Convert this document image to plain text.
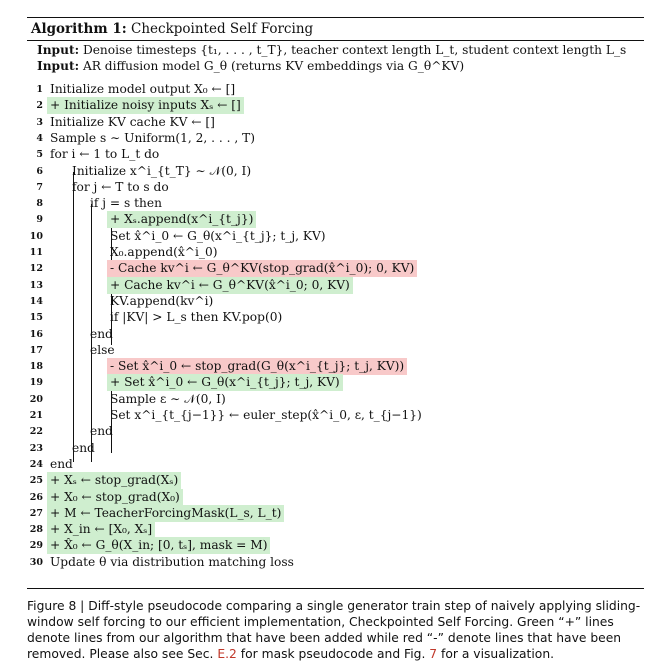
Algorithm 1: Checkpointed Self Forcing
Input: Denoise timesteps {t₁, . . . , t_T}, teacher context length L_t, student context length L_s
Input: AR diffusion model G_θ (returns KV embeddings via G_θ^KV)
1 Initialize model output X₀ ← []
2 + Initialize noisy inputs Xₛ ← []
3 Initialize KV cache KV ← []
4 Sample s ∼ Uniform(1, 2, . . . , T)
5 for i ← 1 to L_t do
6 Initialize x^i_{t_T} ∼ 𝒩(0, I)
7 for j ← T to s do
8	if j = s then
9	+ Xₛ.append(x^i_{t_j})
10	Set x̂^i_0 ← G_θ(x^i_{t_j}; t_j, KV)
11	X₀.append(x̂^i_0)
12	- Cache kv^i ← G_θ^KV(stop_grad(x̂^i_0); 0, KV)
13	+ Cache kv^i ← G_θ^KV(x̂^i_0; 0, KV)
14	KV.append(kv^i)
15	if |KV| > L_s then KV.pop(0)
16	end
17	else
18	- Set x̂^i_0 ← stop_grad(G_θ(x^i_{t_j}; t_j, KV))
19	+ Set x̂^i_0 ← G_θ(x^i_{t_j}; t_j, KV)
20	Sample ε ∼ 𝒩(0, I)
21	Set x^i_{t_{j−1}} ← euler_step(x̂^i_0, ε, t_{j−1})
22	end
23 end
24 end
25 + Xₛ ← stop_grad(Xₛ)
26 + X₀ ← stop_grad(X₀)
27 + M ← TeacherForcingMask(L_s, L_t)
28 + X_in ← [X₀, Xₛ]
29 + X̂₀ ← G_θ(X_in; [0, tₛ], mask = M)
30 Update θ via distribution matching loss
Figure 8 | Diff-style pseudocode comparing a single generator train step of naively applying sliding-window self forcing to our efficient implementation, Checkpointed Self Forcing. Green “+” lines denote lines from our algorithm that have been added while red “-” denote lines that have been removed. Please also see Sec. E.2 for mask pseudocode and Fig. 7 for a visualization.
